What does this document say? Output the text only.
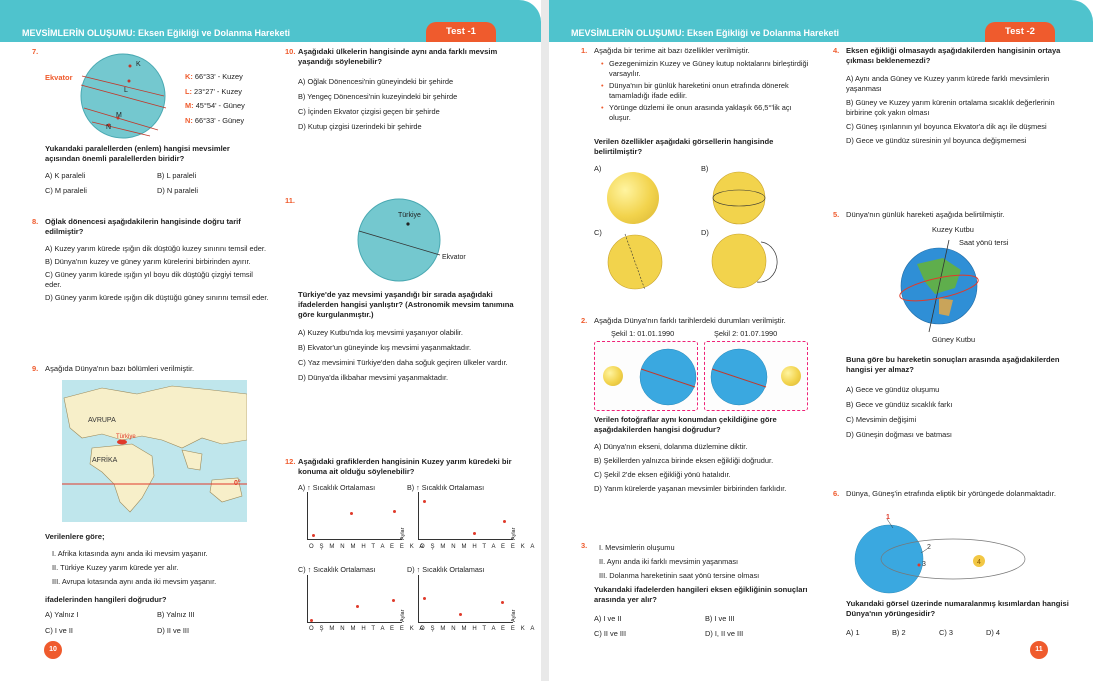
MEVSİMLERİN OLUŞUMU: Eksen Eğikliği ve Dolanma Hareketi	Test -1
7.
Ekvator
K
L
M
N
K: 66°33' - Kuzey
L: 23°27' - Kuzey
M: 45°54' - Güney
N: 66°33' - Güney
Yukarıdaki paralellerden (enlem) hangisi mevsimler açısından önemli paralellerden biridir?
A) K paraleli	B) L paraleli
C) M paraleli	D) N paraleli
8. Oğlak dönencesi aşağıdakilerin hangisinde doğru tarif edilmiştir?
A) Kuzey yarım kürede ışığın dik düştüğü kuzey sınırını temsil eder.
B) Dünya'nın kuzey ve güney yarım kürelerini birbirinden ayırır.
C) Güney yarım kürede ışığın yıl boyu dik düştüğü çizgiyi temsil eder.
D) Güney yarım kürede ışığın dik düştüğü güney sınırını temsil eder.
9. Aşağıda Dünya'nın bazı bölümleri verilmiştir.
AVRUPA
Türkiye
AFRİKA
0°
Verilenlere göre;
I. Afrika kıtasında aynı anda iki mevsim yaşanır.
II. Türkiye Kuzey yarım kürede yer alır.
III. Avrupa kıtasında aynı anda iki mevsim yaşanır.
ifadelerinden hangileri doğrudur?
A) Yalnız I	B) Yalnız III
C) I ve II	D) II ve III
10. Aşağıdaki ülkelerin hangisinde aynı anda farklı mevsim yaşandığı söylenebilir?
A) Oğlak Dönencesi'nin güneyindeki bir şehirde
B) Yengeç Dönencesi'nin kuzeyindeki bir şehirde
C) İçinden Ekvator çizgisi geçen bir şehirde
D) Kutup çizgisi üzerindeki bir şehirde
11.
Türkiye
Ekvator
Türkiye'de yaz mevsimi yaşandığı bir sırada aşağıdaki ifadelerden hangisi yanlıştır? (Astronomik mevsim tanımına göre kurgulanmıştır.)
A) Kuzey Kutbu'nda kış mevsimi yaşanıyor olabilir.
B) Ekvator'un güneyinde kış mevsimi yaşanmaktadır.
C) Yaz mevsimini Türkiye'den daha soğuk geçiren ülkeler vardır.
D) Dünya'da ilkbahar mevsimi yaşanmaktadır.
12. Aşağıdaki grafiklerden hangisinin Kuzey yarım küredeki bir konuma ait olduğu söylenebilir?
A) ↑ Sıcaklık Ortalaması
O Ş M N M H T A E E K A
Aylar
B) ↑ Sıcaklık Ortalaması
O Ş M N M H T A E E K A
Aylar
C) ↑ Sıcaklık Ortalaması
O Ş M N M H T A E E K A
Aylar
D) ↑ Sıcaklık Ortalaması
O Ş M N M H T A E E K A
Aylar
10
MEVSİMLERİN OLUŞUMU: Eksen Eğikliği ve Dolanma Hareketi	Test -2
1. Aşağıda bir terime ait bazı özellikler verilmiştir.
• Gezegenimizin Kuzey ve Güney kutup noktalarını birleştirdiği varsayılır.
• Dünya'nın bir günlük hareketini onun etrafında dönerek tamamladığı ifade edilir.
• Yörünge düzlemi ile onun arasında yaklaşık 66,5°'lik açı oluşur.
Verilen özellikler aşağıdaki görsellerin hangisinde belirtilmiştir?
A)	B)
C)	D)
2. Aşağıda Dünya'nın farklı tarihlerdeki durumları verilmiştir.
Şekil 1: 01.01.1990	Şekil 2: 01.07.1990
Verilen fotoğraflar aynı konumdan çekildiğine göre aşağıdakilerden hangisi doğrudur?
A) Dünya'nın ekseni, dolanma düzlemine diktir.
B) Şekillerden yalnızca birinde eksen eğikliği doğrudur.
C) Şekil 2'de eksen eğikliği yönü hatalıdır.
D) Yarım kürelerde yaşanan mevsimler birbirinden farklıdır.
3. I. Mevsimlerin oluşumu
II. Aynı anda iki farklı mevsimin yaşanması
III. Dolanma hareketinin saat yönü tersine olması
Yukarıdaki ifadelerden hangileri eksen eğikliğinin sonuçları arasında yer alır?
A) I ve II	B) I ve III
C) II ve III	D) I, II ve III
4. Eksen eğikliği olmasaydı aşağıdakilerden hangisinin ortaya çıkması beklenemezdi?
A) Aynı anda Güney ve Kuzey yarım kürede farklı mevsimlerin yaşanması
B) Güney ve Kuzey yarım kürenin ortalama sıcaklık değerlerinin birbirine çok yakın olması
C) Güneş ışınlarının yıl boyunca Ekvator'a dik açı ile düşmesi
D) Gece ve gündüz süresinin yıl boyunca değişmemesi
5. Dünya'nın günlük hareketi aşağıda belirtilmiştir.
Kuzey Kutbu
Saat yönü tersi
Güney Kutbu
Buna göre bu hareketin sonuçları arasında aşağıdakilerden hangisi yer almaz?
A) Gece ve gündüz oluşumu
B) Gece ve gündüz sıcaklık farkı
C) Mevsimin değişimi
D) Güneşin doğması ve batması
6. Dünya, Güneş'in etrafında eliptik bir yörüngede dolanmaktadır.
1
2
3	4
Yukarıdaki görsel üzerinde numaralanmış kısımlardan hangisi Dünya'nın yörüngesidir?
A) 1	B) 2	C) 3	D) 4
11
